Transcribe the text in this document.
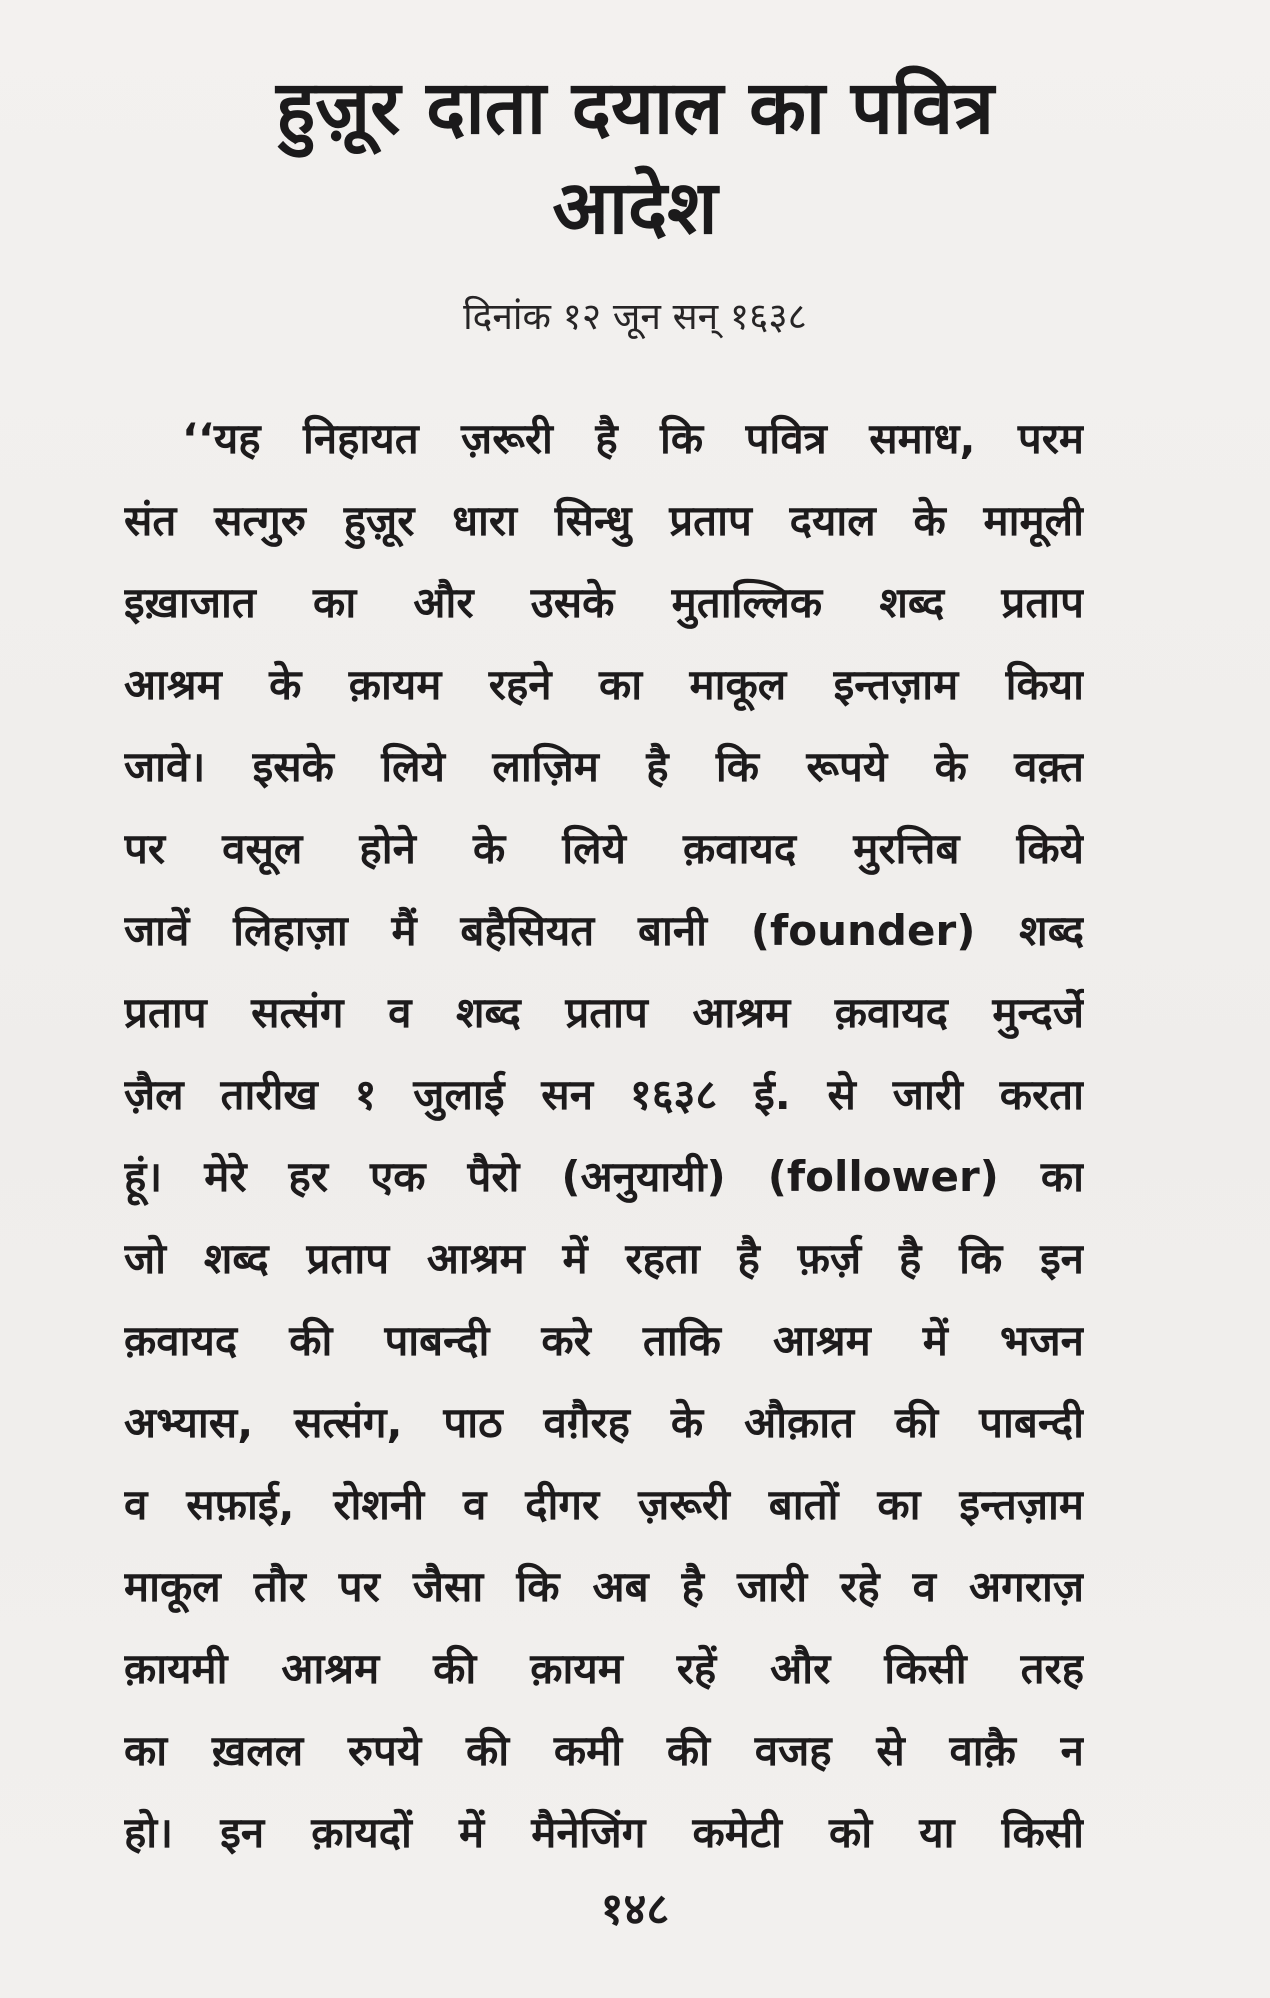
हुज़ूर दाता दयाल का पवित्र
आदेश
दिनांक १२ जून सन् १६३८
‘‘यह निहायत ज़रूरी है कि पवित्र समाध, परम
संत सत्गुरु हुज़ूर धारा सिन्धु प्रताप दयाल के मामूली
इख़ाजात का और उसके मुताल्लिक शब्द प्रताप
आश्रम के क़ायम रहने का माकूल इन्तज़ाम किया
जावे। इसके लिये लाज़िम है कि रूपये के वक़्त
पर वसूल होने के लिये क़वायद मुरत्तिब किये
जावें लिहाज़ा मैं बहैसियत बानी (founder) शब्द
प्रताप सत्संग व शब्द प्रताप आश्रम क़वायद मुन्दर्जे
ज़ैल तारीख १ जुलाई सन १६३८ ई. से जारी करता
हूं। मेरे हर एक पैरो (अनुयायी) (follower) का
जो शब्द प्रताप आश्रम में रहता है फ़र्ज़ है कि इन
क़वायद की पाबन्दी करे ताकि आश्रम में भजन
अभ्यास, सत्संग, पाठ वग़ैरह के औक़ात की पाबन्दी
व सफ़ाई, रोशनी व दीगर ज़रूरी बातों का इन्तज़ाम
माकूल तौर पर जैसा कि अब है जारी रहे व अगराज़
क़ायमी आश्रम की क़ायम रहें और किसी तरह
का ख़लल रुपये की कमी की वजह से वाक़ै न
हो। इन क़ायदों में मैनेजिंग कमेटी को या किसी
१४८
